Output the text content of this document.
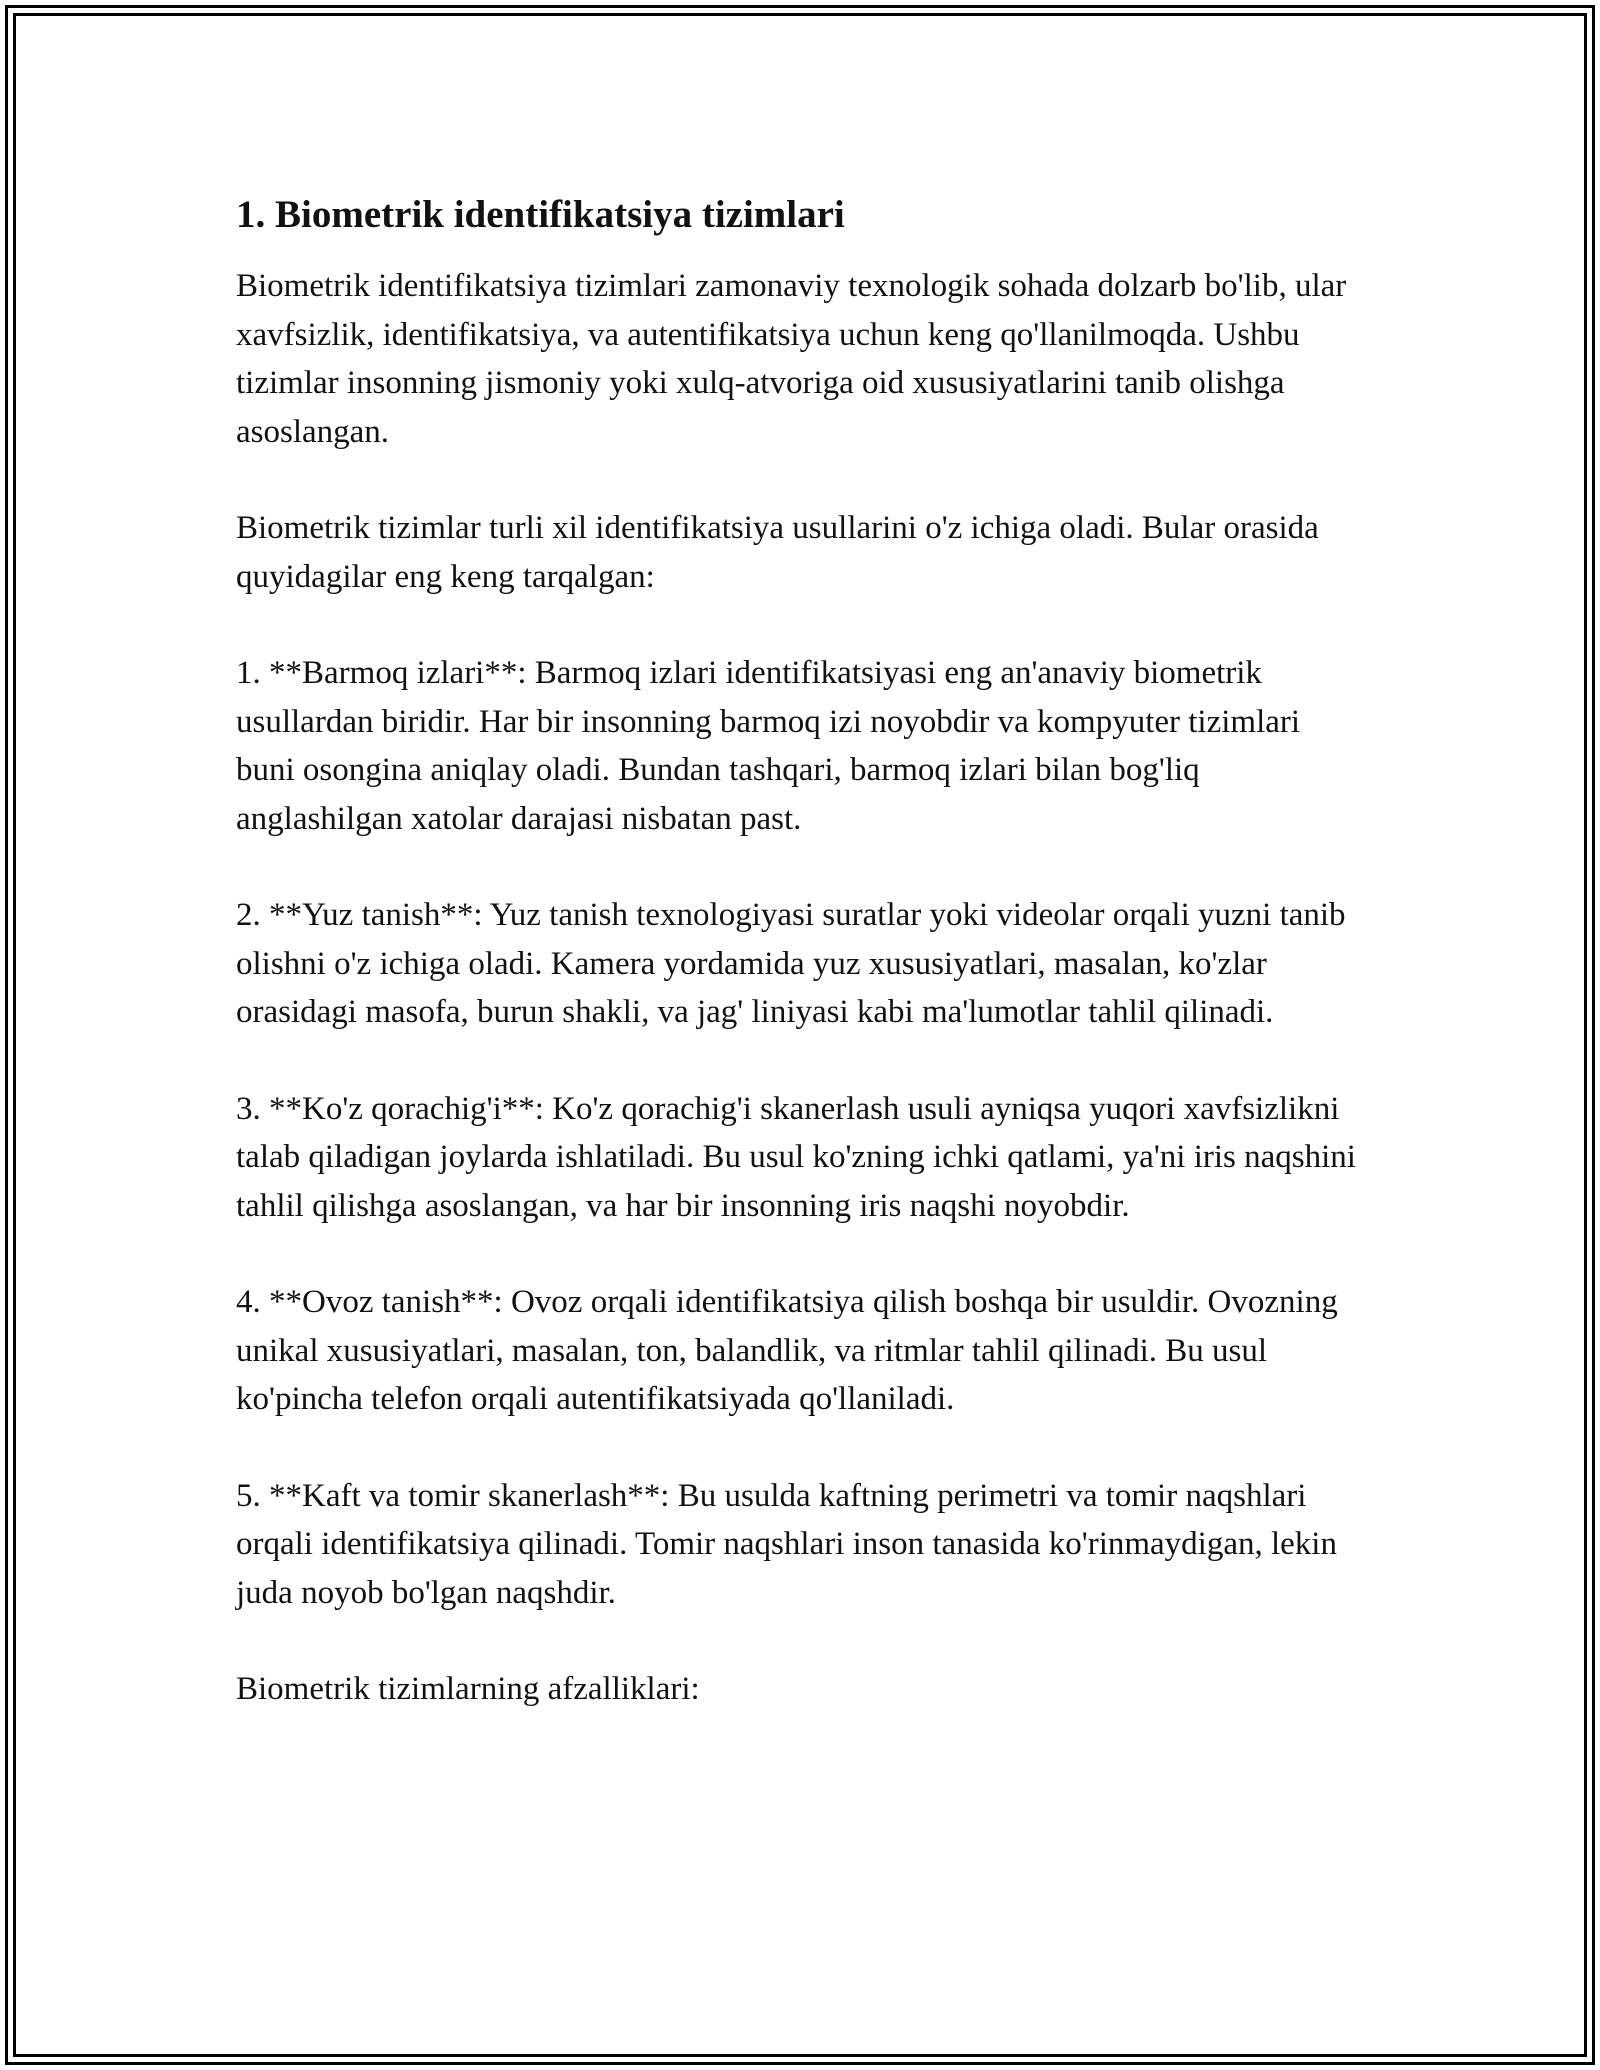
1. Biometrik identifikatsiya tizimlari

Biometrik identifikatsiya tizimlari zamonaviy texnologik sohada dolzarb bo'lib, ular xavfsizlik, identifikatsiya, va autentifikatsiya uchun keng qo'llanilmoqda. Ushbu tizimlar insonning jismoniy yoki xulq-atvoriga oid xususiyatlarini tanib olishga asoslangan.

Biometrik tizimlar turli xil identifikatsiya usullarini o'z ichiga oladi. Bular orasida quyidagilar eng keng tarqalgan:

1. **Barmoq izlari**: Barmoq izlari identifikatsiyasi eng an'anaviy biometrik usullardan biridir. Har bir insonning barmoq izi noyobdir va kompyuter tizimlari buni osongina aniqlay oladi. Bundan tashqari, barmoq izlari bilan bog'liq anglashilgan xatolar darajasi nisbatan past.

2. **Yuz tanish**: Yuz tanish texnologiyasi suratlar yoki videolar orqali yuzni tanib olishni o'z ichiga oladi. Kamera yordamida yuz xususiyatlari, masalan, ko'zlar orasidagi masofa, burun shakli, va jag' liniyasi kabi ma'lumotlar tahlil qilinadi.

3. **Ko'z qorachig'i**: Ko'z qorachig'i skanerlash usuli ayniqsa yuqori xavfsizlikni talab qiladigan joylarda ishlatiladi. Bu usul ko'zning ichki qatlami, ya'ni iris naqshini tahlil qilishga asoslangan, va har bir insonning iris naqshi noyobdir.

4. **Ovoz tanish**: Ovoz orqali identifikatsiya qilish boshqa bir usuldir. Ovozning unikal xususiyatlari, masalan, ton, balandlik, va ritmlar tahlil qilinadi. Bu usul ko'pincha telefon orqali autentifikatsiyada qo'llaniladi.

5. **Kaft va tomir skanerlash**: Bu usulda kaftning perimetri va tomir naqshlari orqali identifikatsiya qilinadi. Tomir naqshlari inson tanasida ko'rinmaydigan, lekin juda noyob bo'lgan naqshdir.

Biometrik tizimlarning afzalliklari:
